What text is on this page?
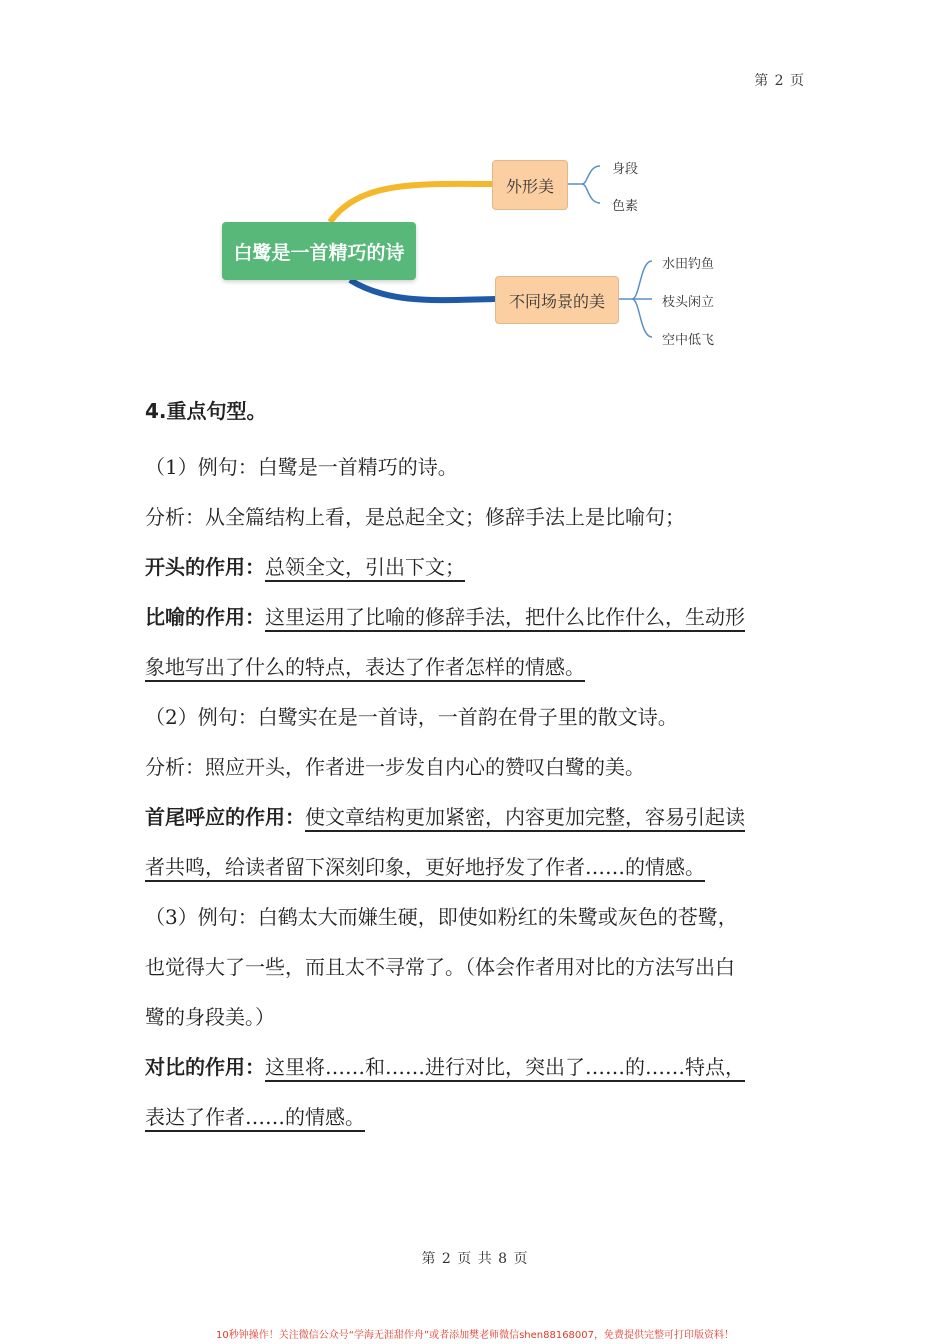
第 2 页
白鹭是一首精巧的诗
外形美
不同场景的美
身段
色素
水田钓鱼
枝头闲立
空中低飞

4.重点句型。

（1）例句：白鹭是一首精巧的诗。

分析：从全篇结构上看，是总起全文；修辞手法上是比喻句；

开头的作用：总领全文，引出下文；

比喻的作用：这里运用了比喻的修辞手法，把什么比作什么，生动形

象地写出了什么的特点，表达了作者怎样的情感。

（2）例句：白鹭实在是一首诗，一首韵在骨子里的散文诗。

分析：照应开头，作者进一步发自内心的赞叹白鹭的美。

首尾呼应的作用：使文章结构更加紧密，内容更加完整，容易引起读

者共鸣，给读者留下深刻印象，更好地抒发了作者……的情感。

（3）例句：白鹤太大而嫌生硬，即使如粉红的朱鹭或灰色的苍鹭，

也觉得大了一些，而且太不寻常了。（体会作者用对比的方法写出白

鹭的身段美。）

对比的作用：这里将……和……进行对比，突出了……的……特点，

表达了作者……的情感。

第 2 页 共 8 页
10秒钟操作！关注微信公众号“学海无涯甜作舟”或者添加樊老师微信shen88168007，免费提供完整可打印版资料！
